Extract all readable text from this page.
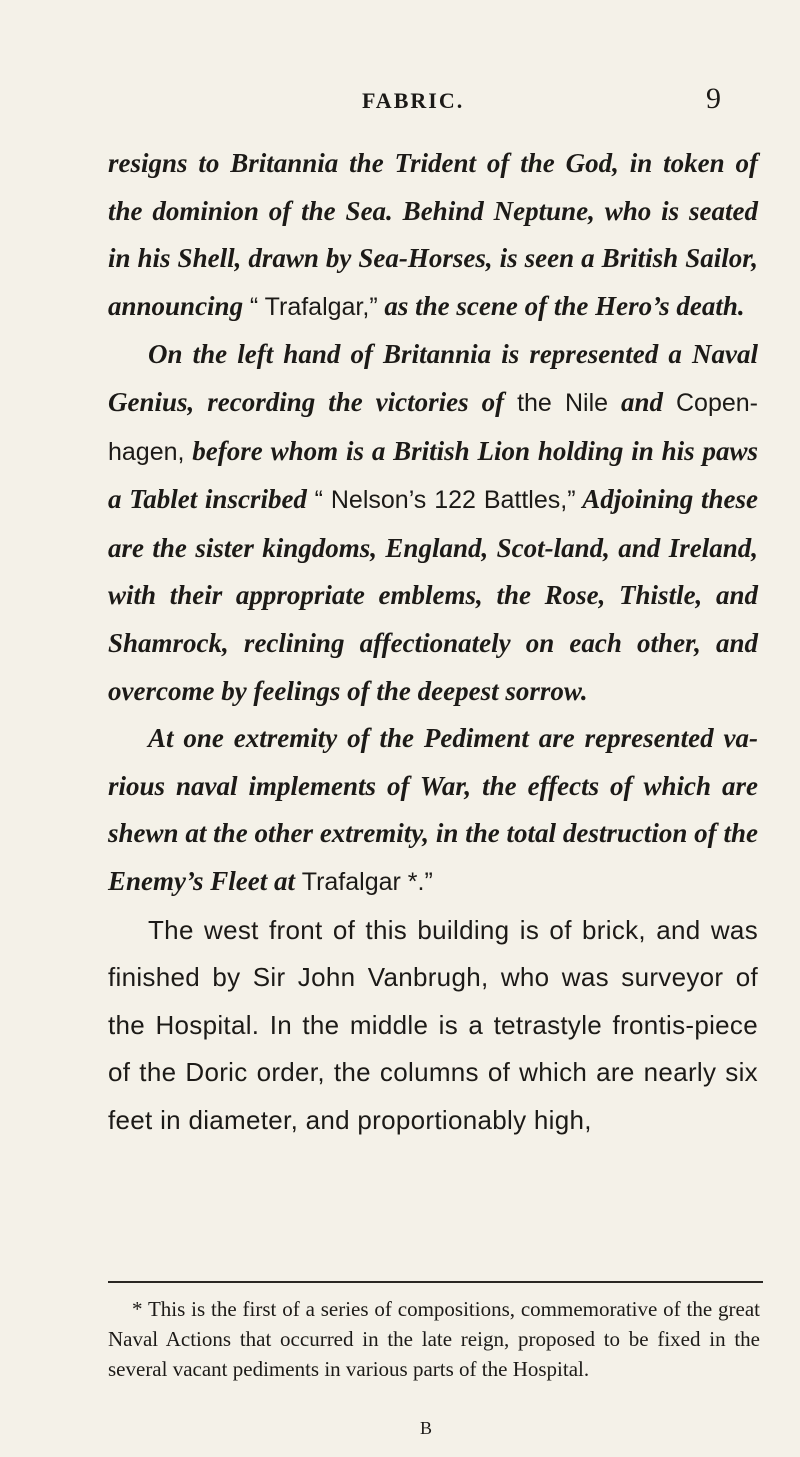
FABRIC.	9

resigns to Britannia the Trident of the God, in token of the dominion of the Sea. Behind Neptune, who is seated in his Shell, drawn by Sea-Horses, is seen a British Sailor, announcing “ Trafalgar,” as the scene of the Hero’s death.

On the left hand of Britannia is represented a Naval Genius, recording the victories of the Nile and Copen-hagen, before whom is a British Lion holding in his paws a Tablet inscribed “ Nelson’s 122 Battles,” Adjoining these are the sister kingdoms, England, Scot-land, and Ireland, with their appropriate emblems, the Rose, Thistle, and Shamrock, reclining affectionately on each other, and overcome by feelings of the deepest sorrow.

At one extremity of the Pediment are represented va-rious naval implements of War, the effects of which are shewn at the other extremity, in the total destruction of the Enemy’s Fleet at Trafalgar *.”

The west front of this building is of brick, and was finished by Sir John Vanbrugh, who was surveyor of the Hospital. In the middle is a tetrastyle frontis-piece of the Doric order, the columns of which are nearly six feet in diameter, and proportionably high,

* This is the first of a series of compositions, commemorative of the great Naval Actions that occurred in the late reign, proposed to be fixed in the several vacant pediments in various parts of the Hospital.

B
